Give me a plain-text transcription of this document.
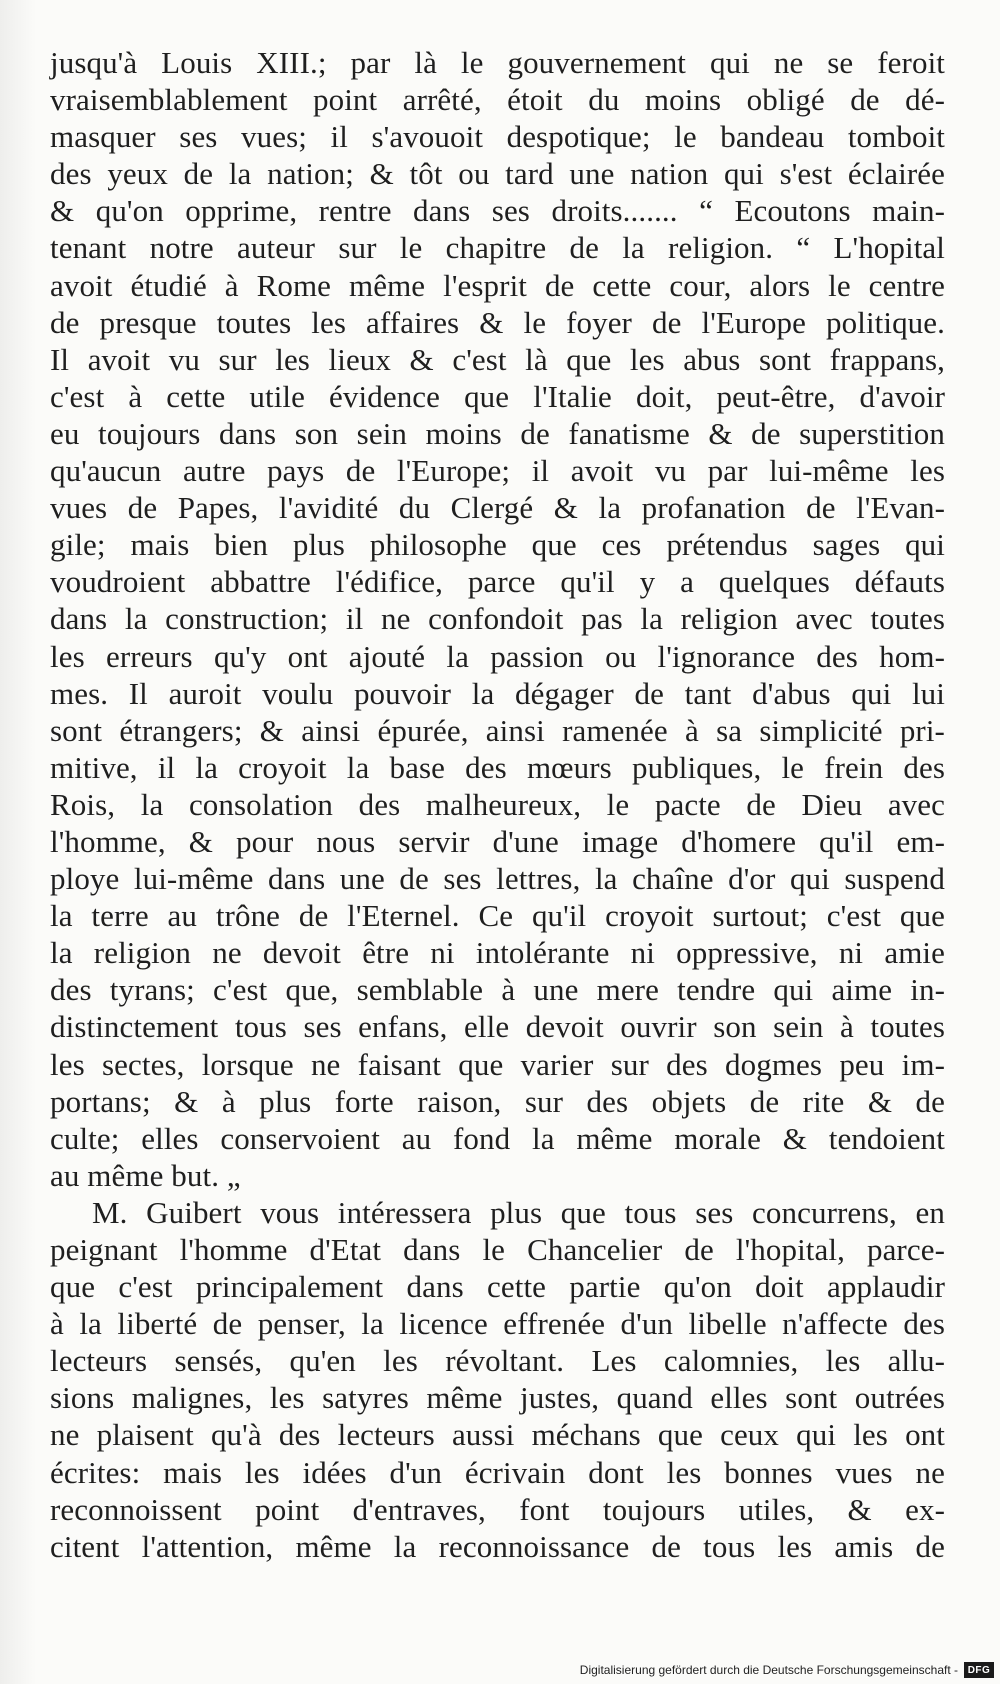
jusqu'à Louis XIII.; par là le gouvernement qui ne se feroit
vraisemblablement point arrêté, étoit du moins obligé de dé-
masquer ses vues; il s'avouoit despotique; le bandeau tomboit
des yeux de la nation; & tôt ou tard une nation qui s'est éclairée
& qu'on opprime, rentre dans ses droits....... “ Ecoutons main-
tenant notre auteur sur le chapitre de la religion. “ L'hopital
avoit étudié à Rome même l'esprit de cette cour, alors le centre
de presque toutes les affaires & le foyer de l'Europe politique.
Il avoit vu sur les lieux & c'est là que les abus sont frappans,
c'est à cette utile évidence que l'Italie doit, peut-être, d'avoir
eu toujours dans son sein moins de fanatisme & de superstition
qu'aucun autre pays de l'Europe; il avoit vu par lui-même les
vues de Papes, l'avidité du Clergé & la profanation de l'Evan-
gile; mais bien plus philosophe que ces prétendus sages qui
voudroient abbattre l'édifice, parce qu'il y a quelques défauts
dans la construction; il ne confondoit pas la religion avec toutes
les erreurs qu'y ont ajouté la passion ou l'ignorance des hom-
mes. Il auroit voulu pouvoir la dégager de tant d'abus qui lui
sont étrangers; & ainsi épurée, ainsi ramenée à sa simplicité pri-
mitive, il la croyoit la base des mœurs publiques, le frein des
Rois, la consolation des malheureux, le pacte de Dieu avec
l'homme, & pour nous servir d'une image d'homere qu'il em-
ploye lui-même dans une de ses lettres, la chaîne d'or qui suspend
la terre au trône de l'Eternel. Ce qu'il croyoit surtout; c'est que
la religion ne devoit être ni intolérante ni oppressive, ni amie
des tyrans; c'est que, semblable à une mere tendre qui aime in-
distinctement tous ses enfans, elle devoit ouvrir son sein à toutes
les sectes, lorsque ne faisant que varier sur des dogmes peu im-
portans; & à plus forte raison, sur des objets de rite & de
culte; elles conservoient au fond la même morale & tendoient
au même but. „
M. Guibert vous intéressera plus que tous ses concurrens, en
peignant l'homme d'Etat dans le Chancelier de l'hopital, parce-
que c'est principalement dans cette partie qu'on doit applaudir
à la liberté de penser, la licence effrenée d'un libelle n'affecte des
lecteurs sensés, qu'en les révoltant. Les calomnies, les allu-
sions malignes, les satyres même justes, quand elles sont outrées
ne plaisent qu'à des lecteurs aussi méchans que ceux qui les ont
écrites: mais les idées d'un écrivain dont les bonnes vues ne
reconnoissent point d'entraves, font toujours utiles, & ex-
citent l'attention, même la reconnoissance de tous les amis de
Digitalisierung gefördert durch die Deutsche Forschungsgemeinschaft - DFG
